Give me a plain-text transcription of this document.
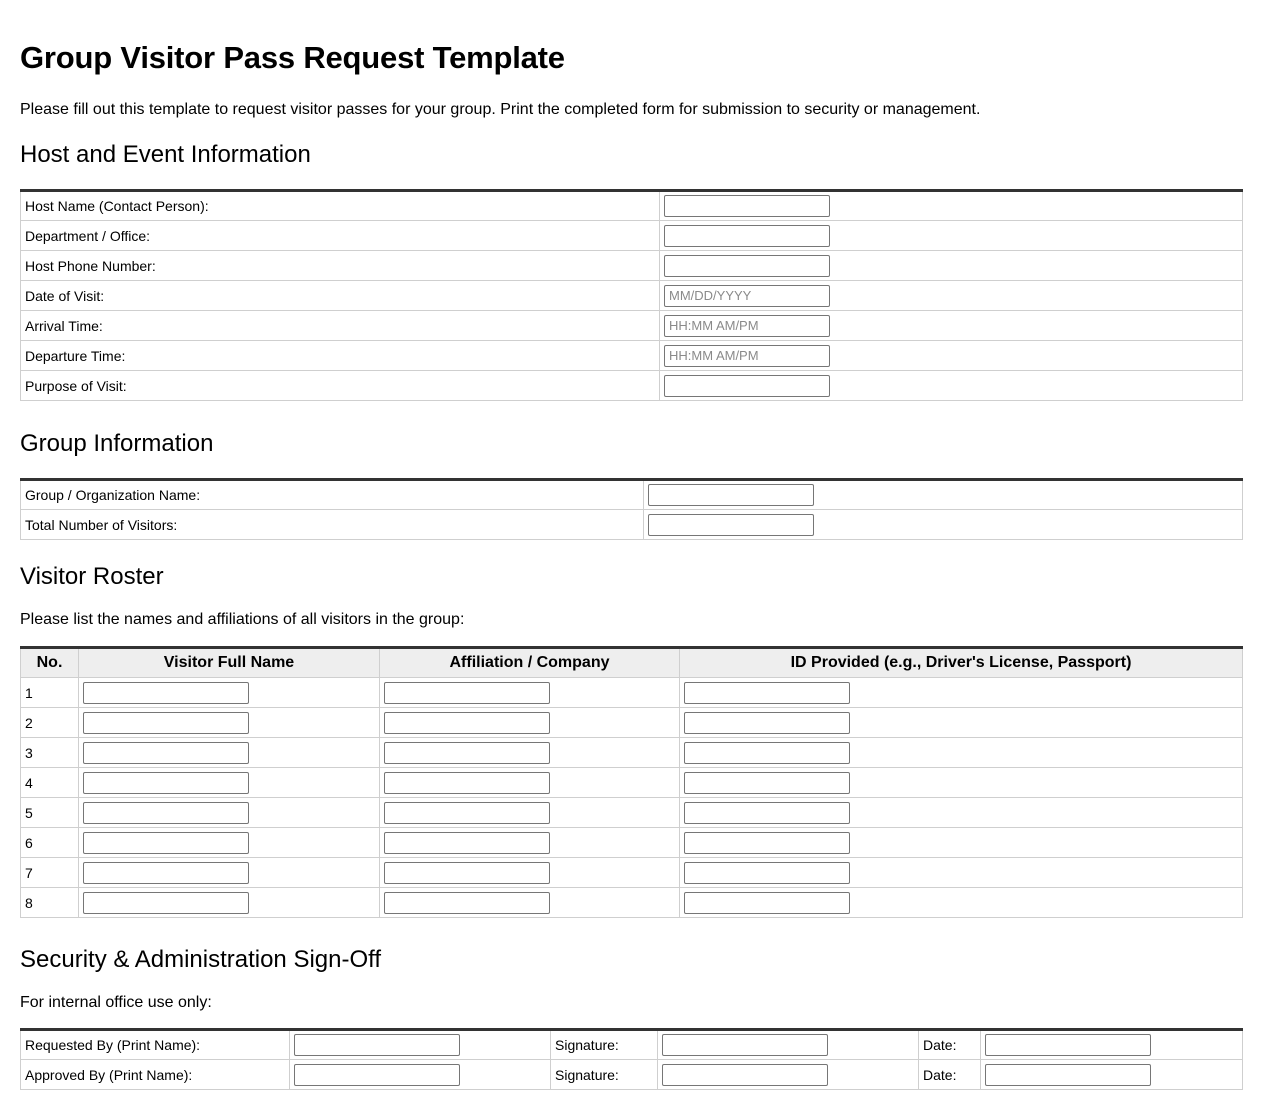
Group Visitor Pass Request Template

Please fill out this template to request visitor passes for your group. Print the completed form for submission to security or management.

Host and Event Information
Host Name (Contact Person):	

Department / Office:	

Host Phone Number:	

Date of Visit:	
MM/DD/YYYY
Arrival Time:	
HH:MM AM/PM
Departure Time:	
HH:MM AM/PM
Purpose of Visit:	
Group Information
Group / Organization Name:	

Total Number of Visitors:	
Visitor Roster

Please list the names and affiliations of all visitors in the group:

No.	Visitor Full Name	Affiliation / Company	ID Provided (e.g., Driver's License, Passport)
1	

2	

3	

4	

5	

6	

7	

8	

Security & Administration Sign-Off

For internal office use only:

Requested By (Print Name):		Signature:		Date:	

Approved By (Print Name):		Signature:		Date:	
